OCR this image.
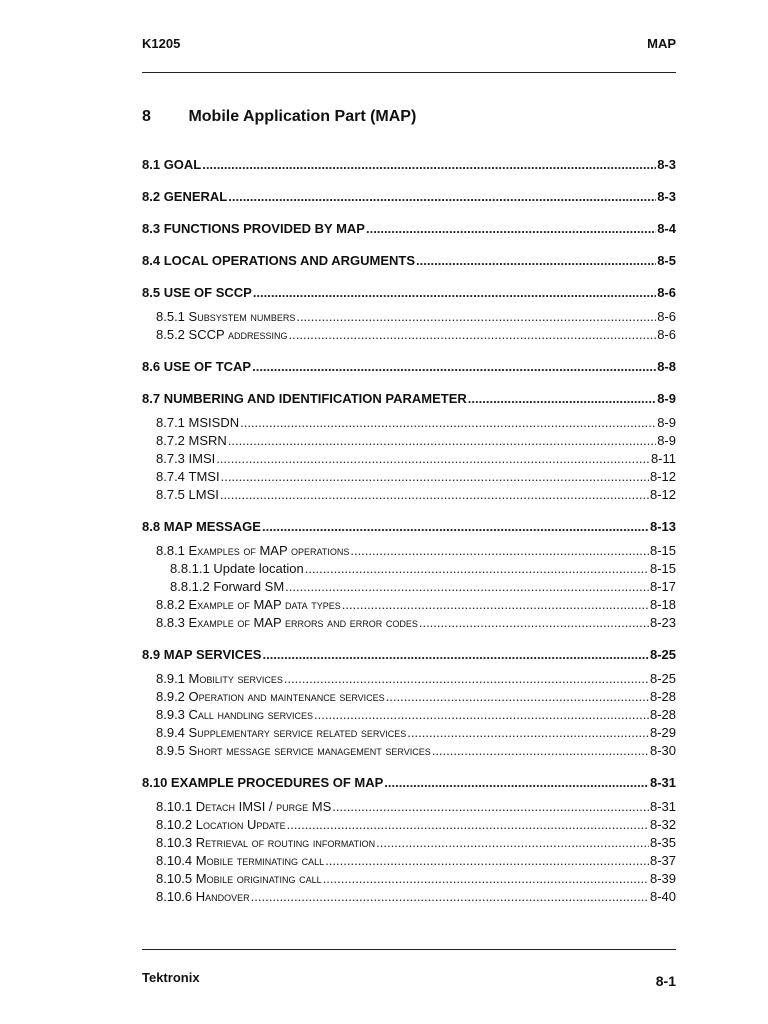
K1205	MAP
8 Mobile Application Part (MAP)
8.1 GOAL .....	8-3
8.2 GENERAL .....	8-3
8.3 FUNCTIONS PROVIDED BY MAP .....	8-4
8.4 LOCAL OPERATIONS AND ARGUMENTS .....	8-5
8.5 USE OF SCCP .....	8-6
8.5.1 Subsystem numbers .....	8-6
8.5.2 SCCP addressing .....	8-6
8.6 USE OF TCAP .....	8-8
8.7 NUMBERING AND IDENTIFICATION PARAMETER .....	8-9
8.7.1 MSISDN .....	8-9
8.7.2 MSRN .....	8-9
8.7.3 IMSI .....	8-11
8.7.4 TMSI .....	8-12
8.7.5 LMSI .....	8-12
8.8 MAP MESSAGE .....	8-13
8.8.1 Examples of MAP operations .....	8-15
8.8.1.1 Update location .....	8-15
8.8.1.2 Forward SM .....	8-17
8.8.2 Example of MAP data types .....	8-18
8.8.3 Example of MAP errors and error codes .....	8-23
8.9 MAP SERVICES .....	8-25
8.9.1 Mobility services .....	8-25
8.9.2 Operation and maintenance services .....	8-28
8.9.3 Call handling services .....	8-28
8.9.4 Supplementary service related services .....	8-29
8.9.5 Short message service management services .....	8-30
8.10 EXAMPLE PROCEDURES OF MAP .....	8-31
8.10.1 Detach IMSI / purge MS .....	8-31
8.10.2 Location Update .....	8-32
8.10.3 Retrieval of routing information .....	8-35
8.10.4 Mobile terminating call .....	8-37
8.10.5 Mobile originating call .....	8-39
8.10.6 Handover .....	8-40
Tektronix	8-1
